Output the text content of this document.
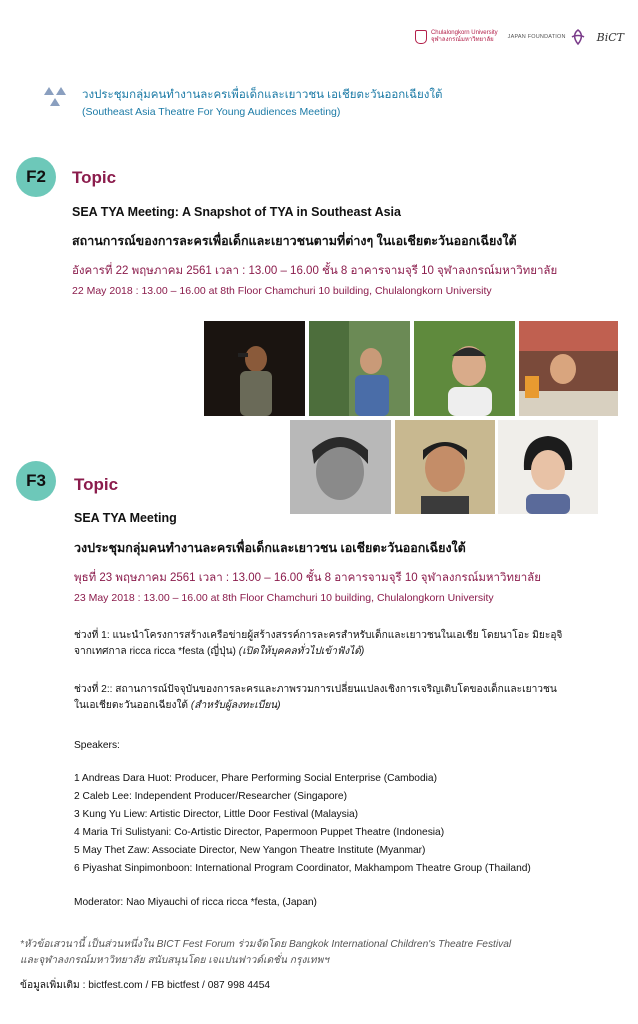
Chulalongkorn University
จุฬาลงกรณ์มหาวิทยาลัย	JAPAN FOUNDATION	BiCT
วงประชุมกลุ่มคนทำงานละครเพื่อเด็กและเยาวชน เอเชียตะวันออกเฉียงใต้
(Southeast Asia Theatre For Young Audiences Meeting)
F2	Topic
SEA TYA Meeting: A Snapshot of TYA in Southeast Asia
สถานการณ์ของการละครเพื่อเด็กและเยาวชนตามที่ต่างๆ ในเอเชียตะวันออกเฉียงใต้
อังคารที่ 22 พฤษภาคม 2561 เวลา : 13.00 – 16.00 ชั้น 8 อาคารจามจุรี 10 จุฬาลงกรณ์มหาวิทยาลัย
22 May 2018 : 13.00 – 16.00 at 8th Floor Chamchuri 10 building, Chulalongkorn University
F3	Topic
SEA TYA Meeting
วงประชุมกลุ่มคนทำงานละครเพื่อเด็กและเยาวชน เอเชียตะวันออกเฉียงใต้
พุธที่ 23 พฤษภาคม 2561 เวลา : 13.00 – 16.00 ชั้น 8 อาคารจามจุรี 10 จุฬาลงกรณ์มหาวิทยาลัย
23 May 2018 : 13.00 – 16.00 at 8th Floor Chamchuri 10 building, Chulalongkorn University
ช่วงที่ 1: แนะนำโครงการสร้างเครือข่ายผู้สร้างสรรค์การละครสำหรับเด็กและเยาวชนในเอเชีย โดยนาโอะ มิยะอุจิ
จากเทศกาล ricca ricca *festa (ญี่ปุ่น) (เปิดให้บุคคลทั่วไปเข้าฟังได้)
ช่วงที่ 2:: สถานการณ์ปัจจุบันของการละครและภาพรวมการเปลี่ยนแปลงเชิงการเจริญเติบโตของเด็กและเยาวชน
ในเอเชียตะวันออกเฉียงใต้ (สำหรับผู้ลงทะเบียน)
Speakers:
1 Andreas Dara Huot: Producer, Phare Performing Social Enterprise (Cambodia)
2 Caleb Lee: Independent Producer/Researcher (Singapore)
3 Kung Yu Liew: Artistic Director, Little Door Festival (Malaysia)
4 Maria Tri Sulistyani: Co-Artistic Director, Papermoon Puppet Theatre (Indonesia)
5 May Thet Zaw: Associate Director, New Yangon Theatre Institute (Myanmar)
6 Piyashat Sinpimonboon: International Program Coordinator, Makhampom Theatre Group (Thailand)
Moderator: Nao Miyauchi of ricca ricca *festa, (Japan)
*หัวข้อเสวนานี้ เป็นส่วนหนึ่งใน BICT Fest Forum ร่วมจัดโดย Bangkok International Children's Theatre Festival
และจุฬาลงกรณ์มหาวิทยาลัย สนับสนุนโดย เจแปนฟาวด์เดชั่น กรุงเทพฯ
ข้อมูลเพิ่มเติม : bictfest.com / FB bictfest / 087 998 4454
